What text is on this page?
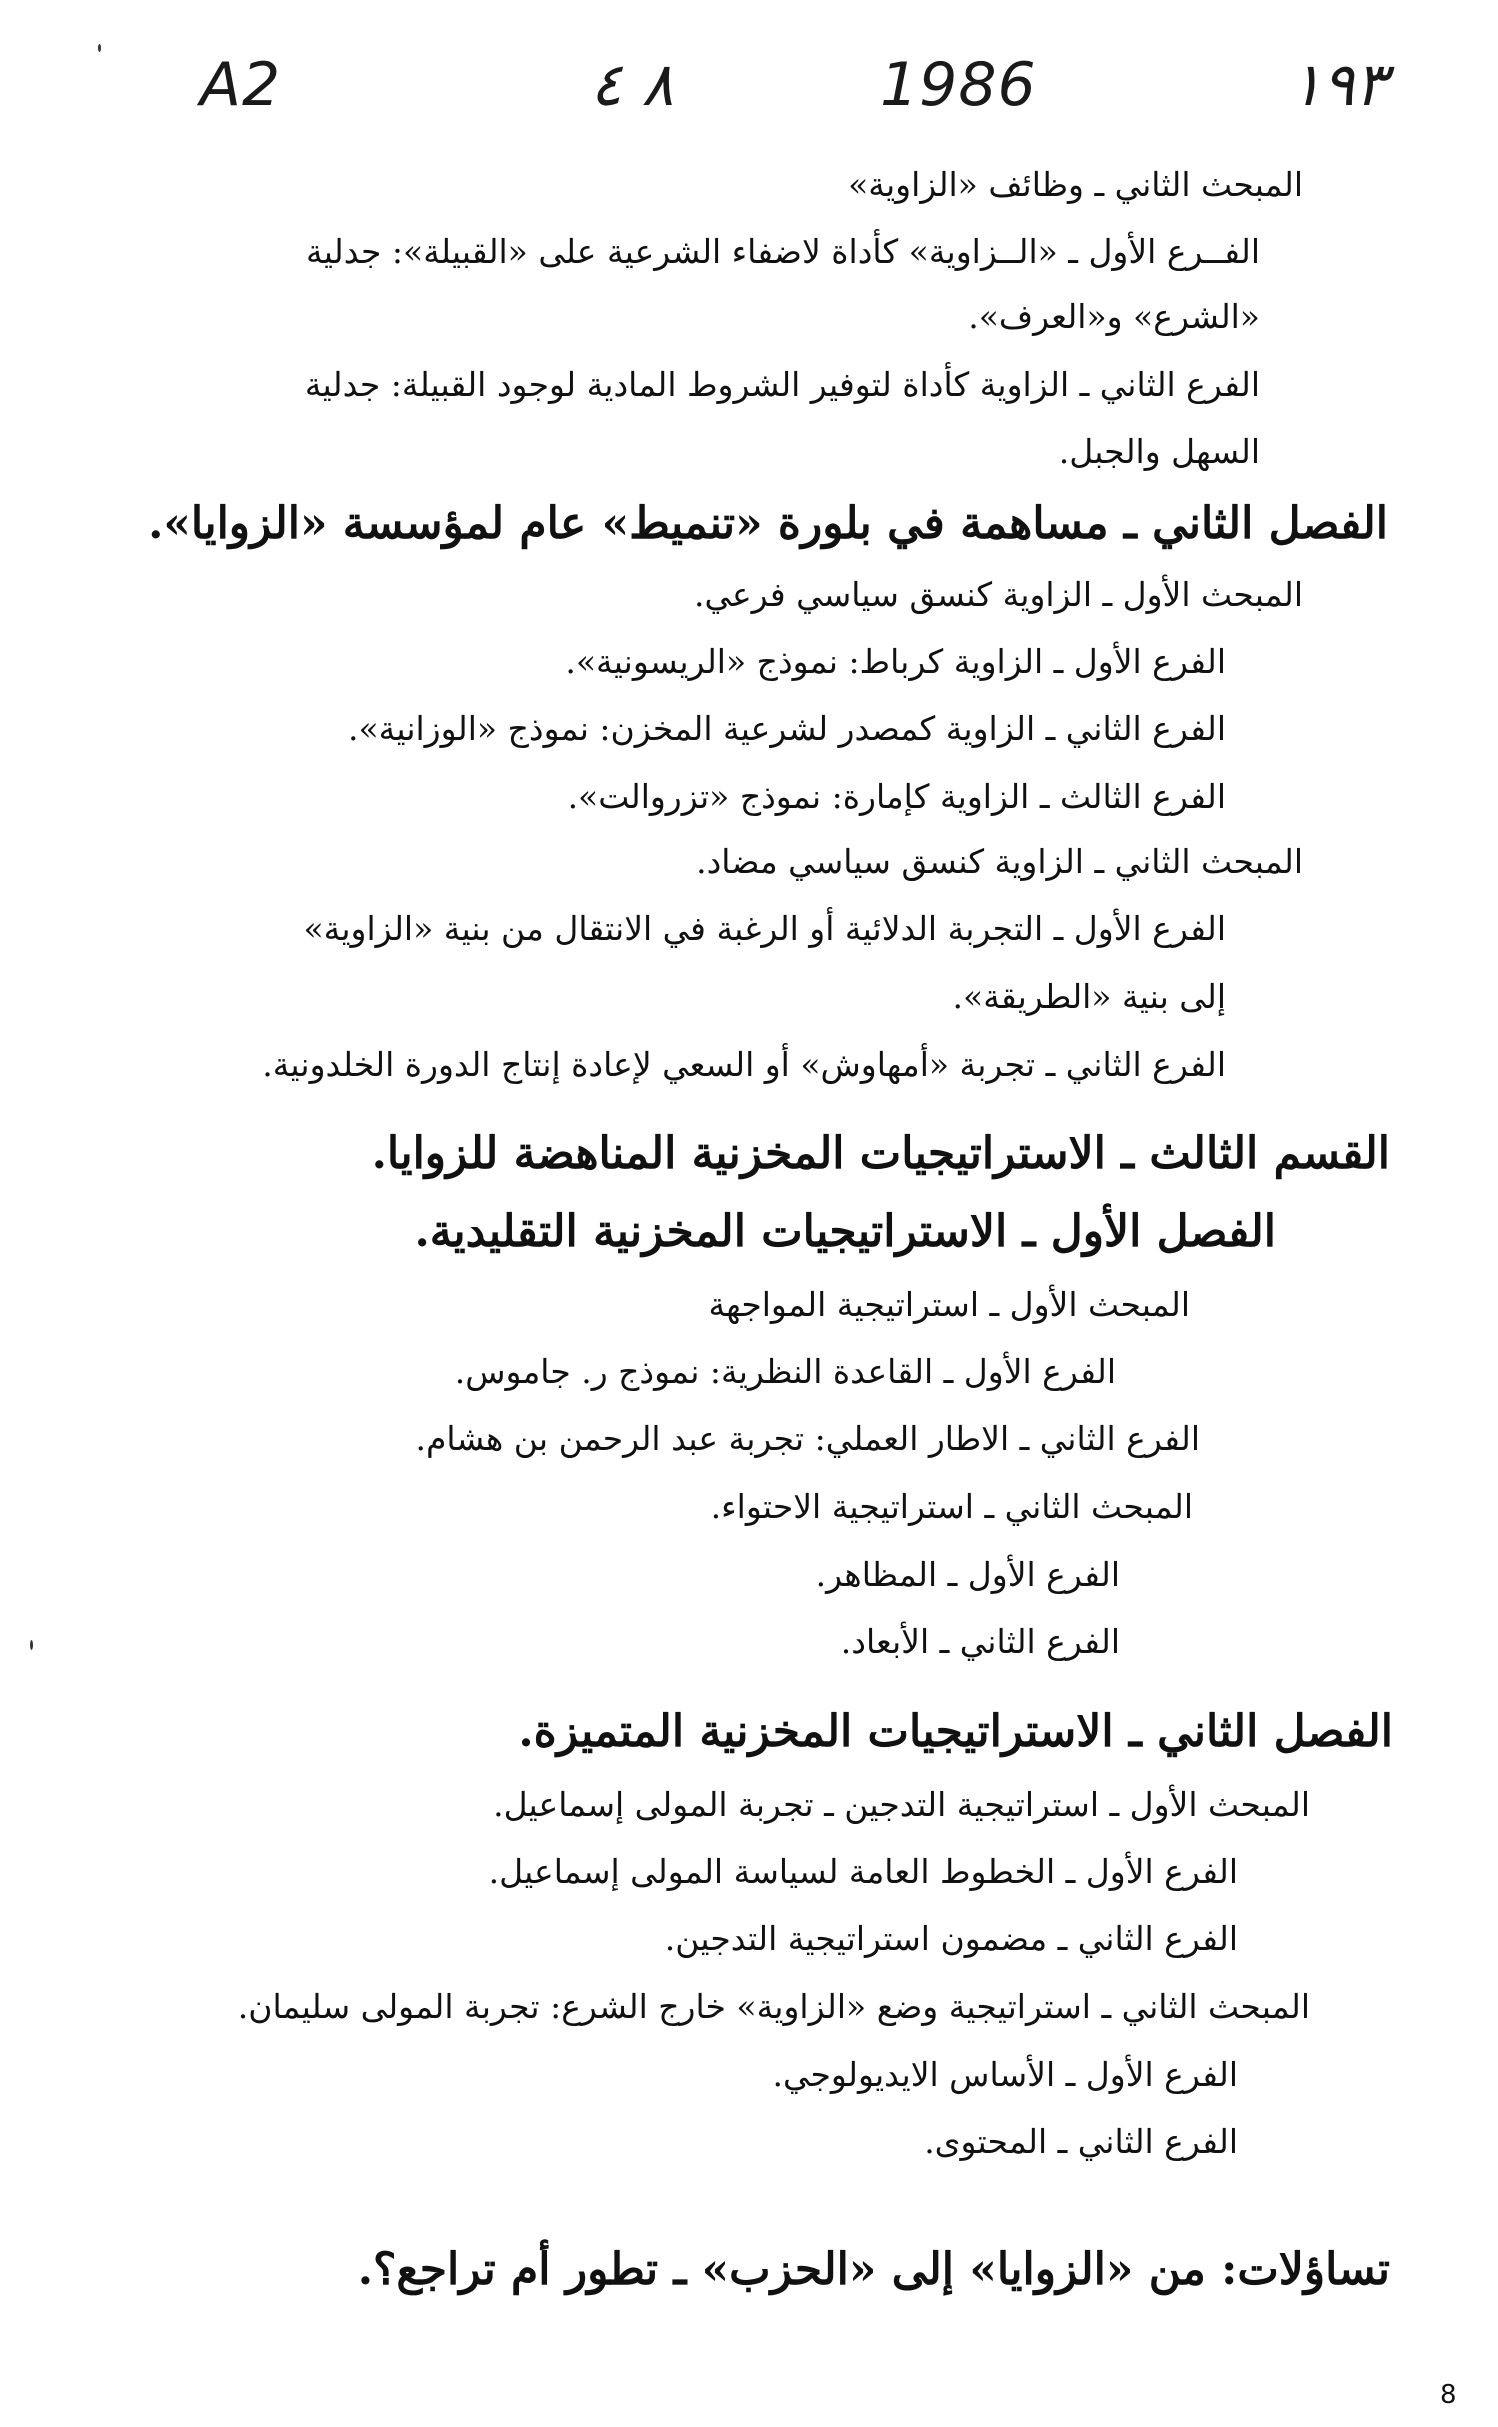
A2	٨ ٤	1986	١٩٣
المبحث الثاني ـ وظائف «الزاوية»
الفــرع الأول ـ «الــزاوية» كأداة لاضفاء الشرعية على «القبيلة»: جدلية
«الشرع» و«العرف».
الفرع الثاني ـ الزاوية كأداة لتوفير الشروط المادية لوجود القبيلة: جدلية
السهل والجبل.
الفصل الثاني ـ مساهمة في بلورة «تنميط» عام لمؤسسة «الزوايا».
المبحث الأول ـ الزاوية كنسق سياسي فرعي.
الفرع الأول ـ الزاوية كرباط: نموذج «الريسونية».
الفرع الثاني ـ الزاوية كمصدر لشرعية المخزن: نموذج «الوزانية».
الفرع الثالث ـ الزاوية كإمارة: نموذج «تزروالت».
المبحث الثاني ـ الزاوية كنسق سياسي مضاد.
الفرع الأول ـ التجربة الدلائية أو الرغبة في الانتقال من بنية «الزاوية»
إلى بنية «الطريقة».
الفرع الثاني ـ تجربة «أمهاوش» أو السعي لإعادة إنتاج الدورة الخلدونية.
القسم الثالث ـ الاستراتيجيات المخزنية المناهضة للزوايا.
الفصل الأول ـ الاستراتيجيات المخزنية التقليدية.
المبحث الأول ـ استراتيجية المواجهة
الفرع الأول ـ القاعدة النظرية: نموذج ر. جاموس.
الفرع الثاني ـ الاطار العملي: تجربة عبد الرحمن بن هشام.
المبحث الثاني ـ استراتيجية الاحتواء.
الفرع الأول ـ المظاهر.
الفرع الثاني ـ الأبعاد.
الفصل الثاني ـ الاستراتيجيات المخزنية المتميزة.
المبحث الأول ـ استراتيجية التدجين ـ تجربة المولى إسماعيل.
الفرع الأول ـ الخطوط العامة لسياسة المولى إسماعيل.
الفرع الثاني ـ مضمون استراتيجية التدجين.
المبحث الثاني ـ استراتيجية وضع «الزاوية» خارج الشرع: تجربة المولى سليمان.
الفرع الأول ـ الأساس الايديولوجي.
الفرع الثاني ـ المحتوى.
تساؤلات: من «الزوايا» إلى «الحزب» ـ تطور أم تراجع؟.
8
